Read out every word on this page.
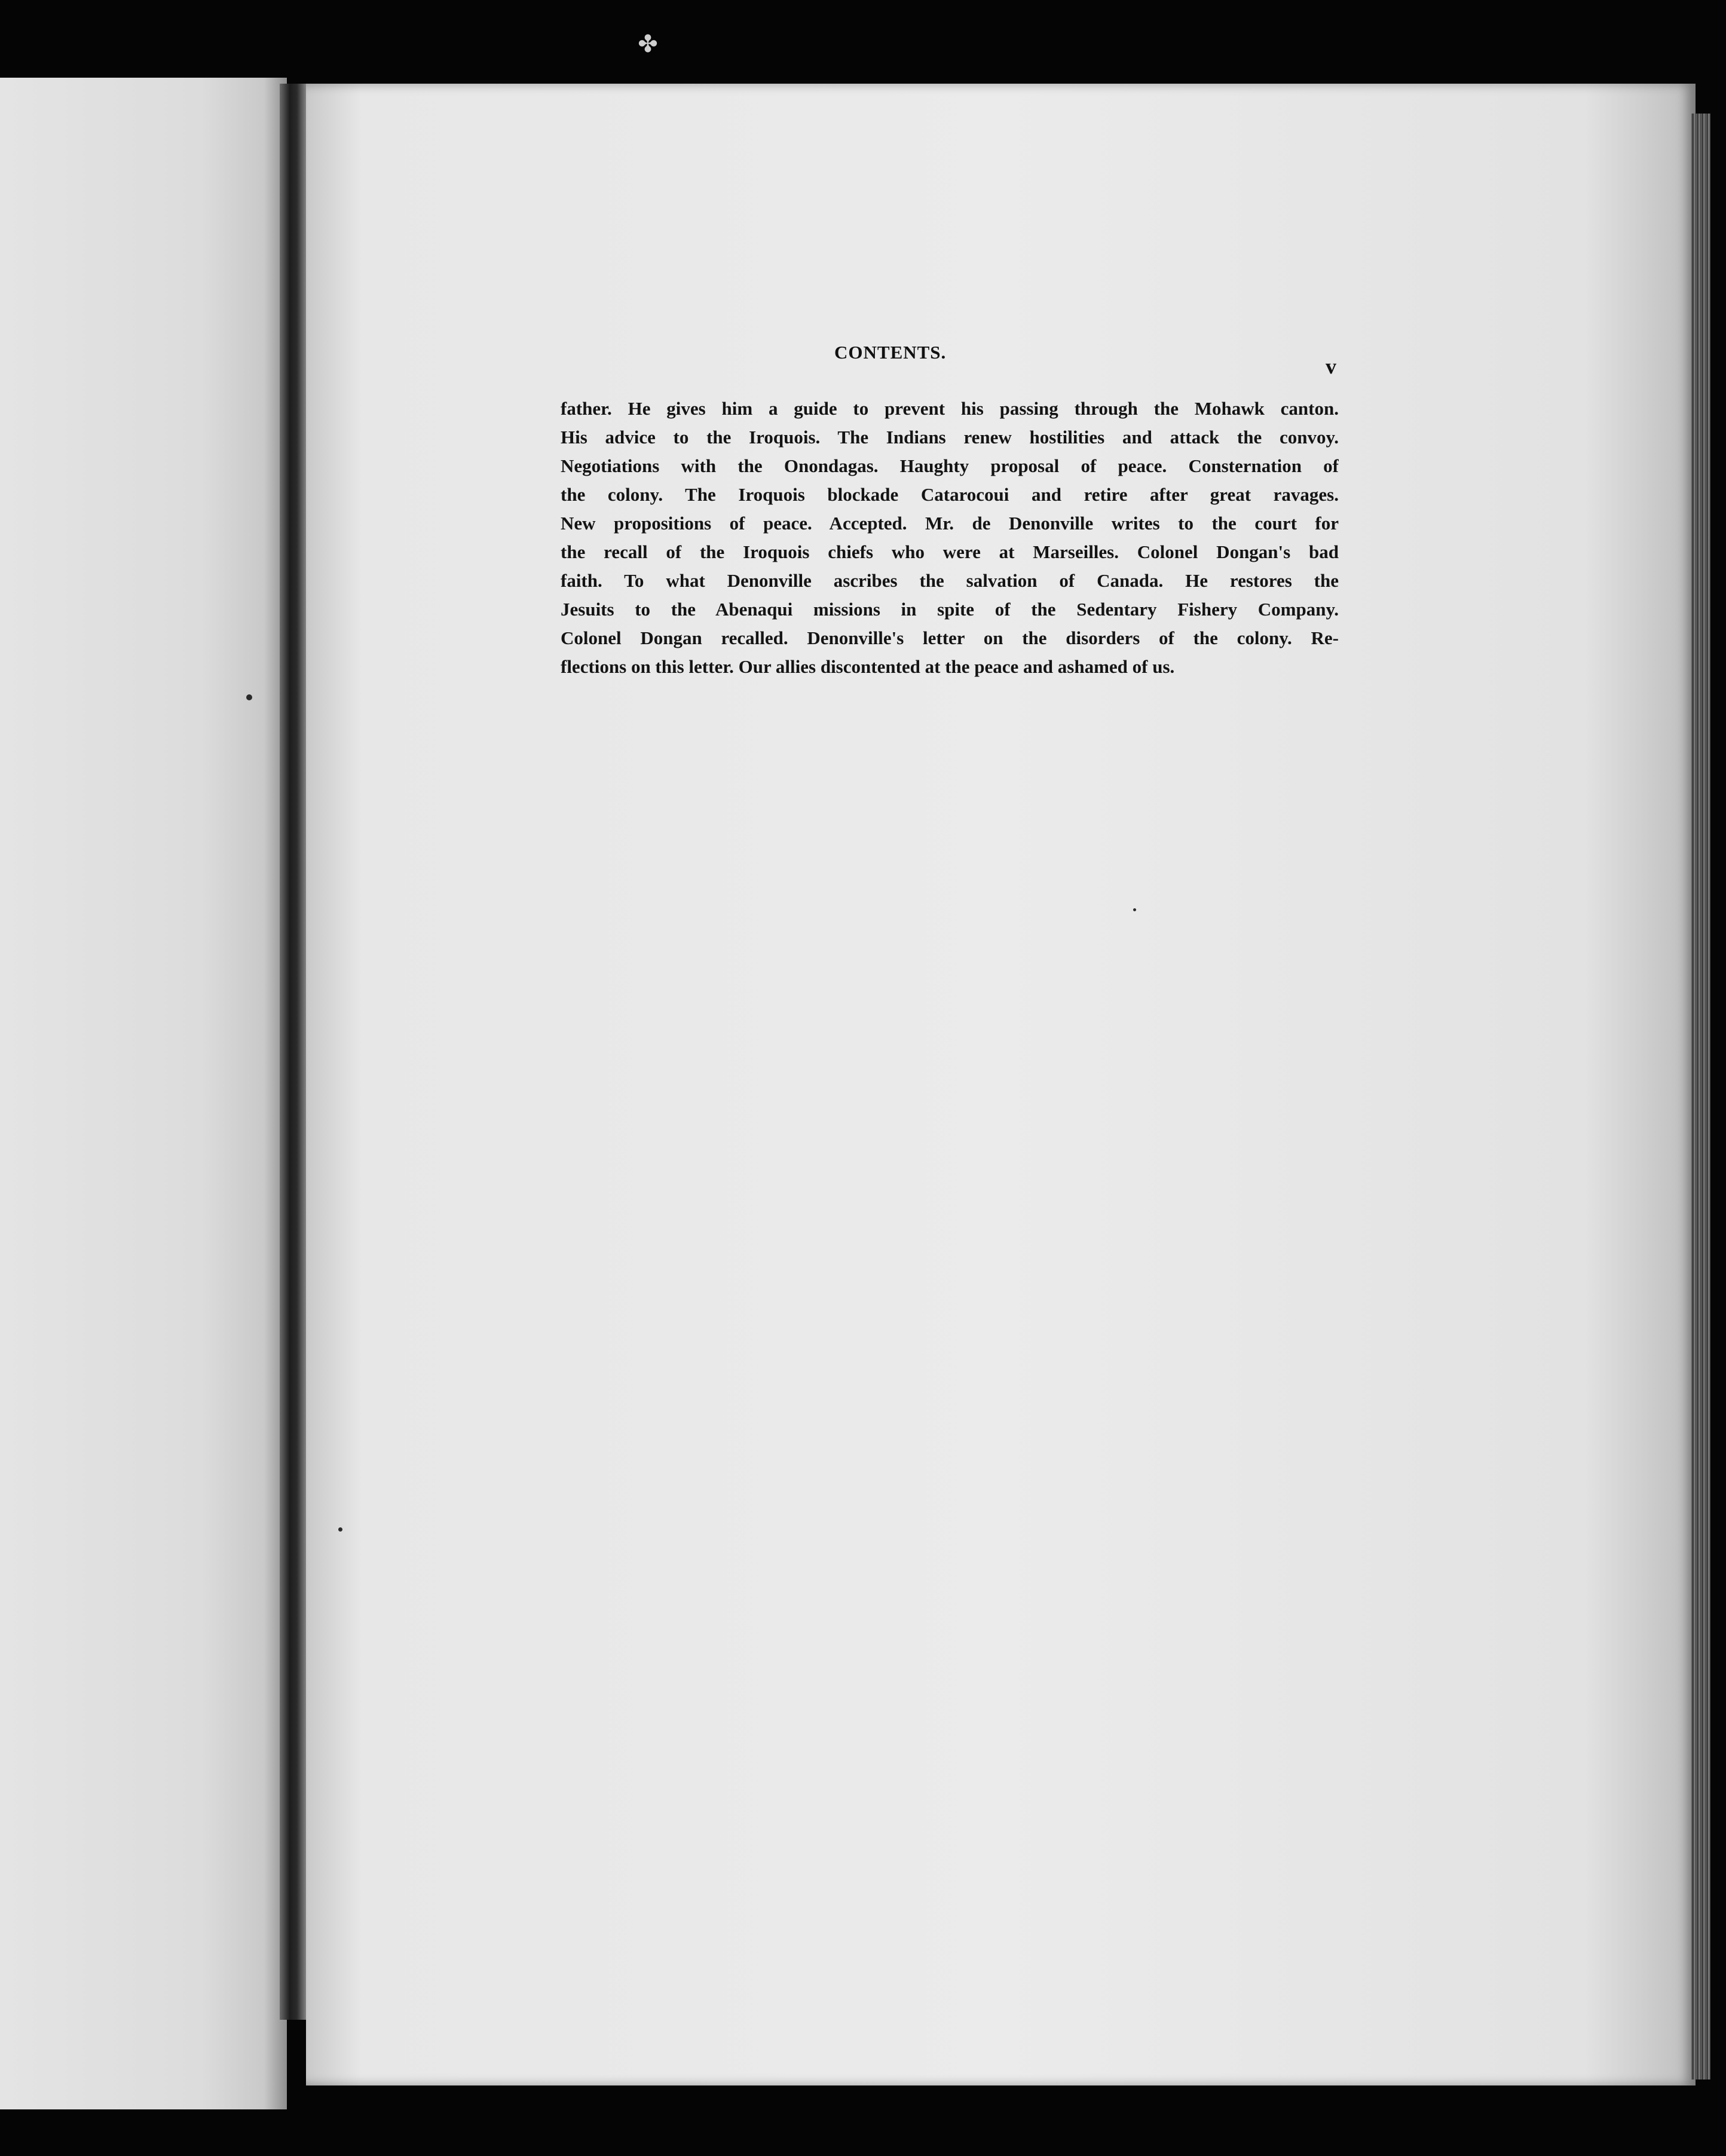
✤
CONTENTS.
v
father. He gives him a guide to prevent his passing through the Mohawk canton.
His advice to the Iroquois. The Indians renew hostilities and attack the convoy.
Negotiations with the Onondagas. Haughty proposal of peace. Consternation of
the colony. The Iroquois blockade Catarocoui and retire after great ravages.
New propositions of peace. Accepted. Mr. de Denonville writes to the court for
the recall of the Iroquois chiefs who were at Marseilles. Colonel Dongan's bad
faith. To what Denonville ascribes the salvation of Canada. He restores the
Jesuits to the Abenaqui missions in spite of the Sedentary Fishery Company.
Colonel Dongan recalled. Denonville's letter on the disorders of the colony. Re-
flections on this letter. Our allies discontented at the peace and ashamed of us.
